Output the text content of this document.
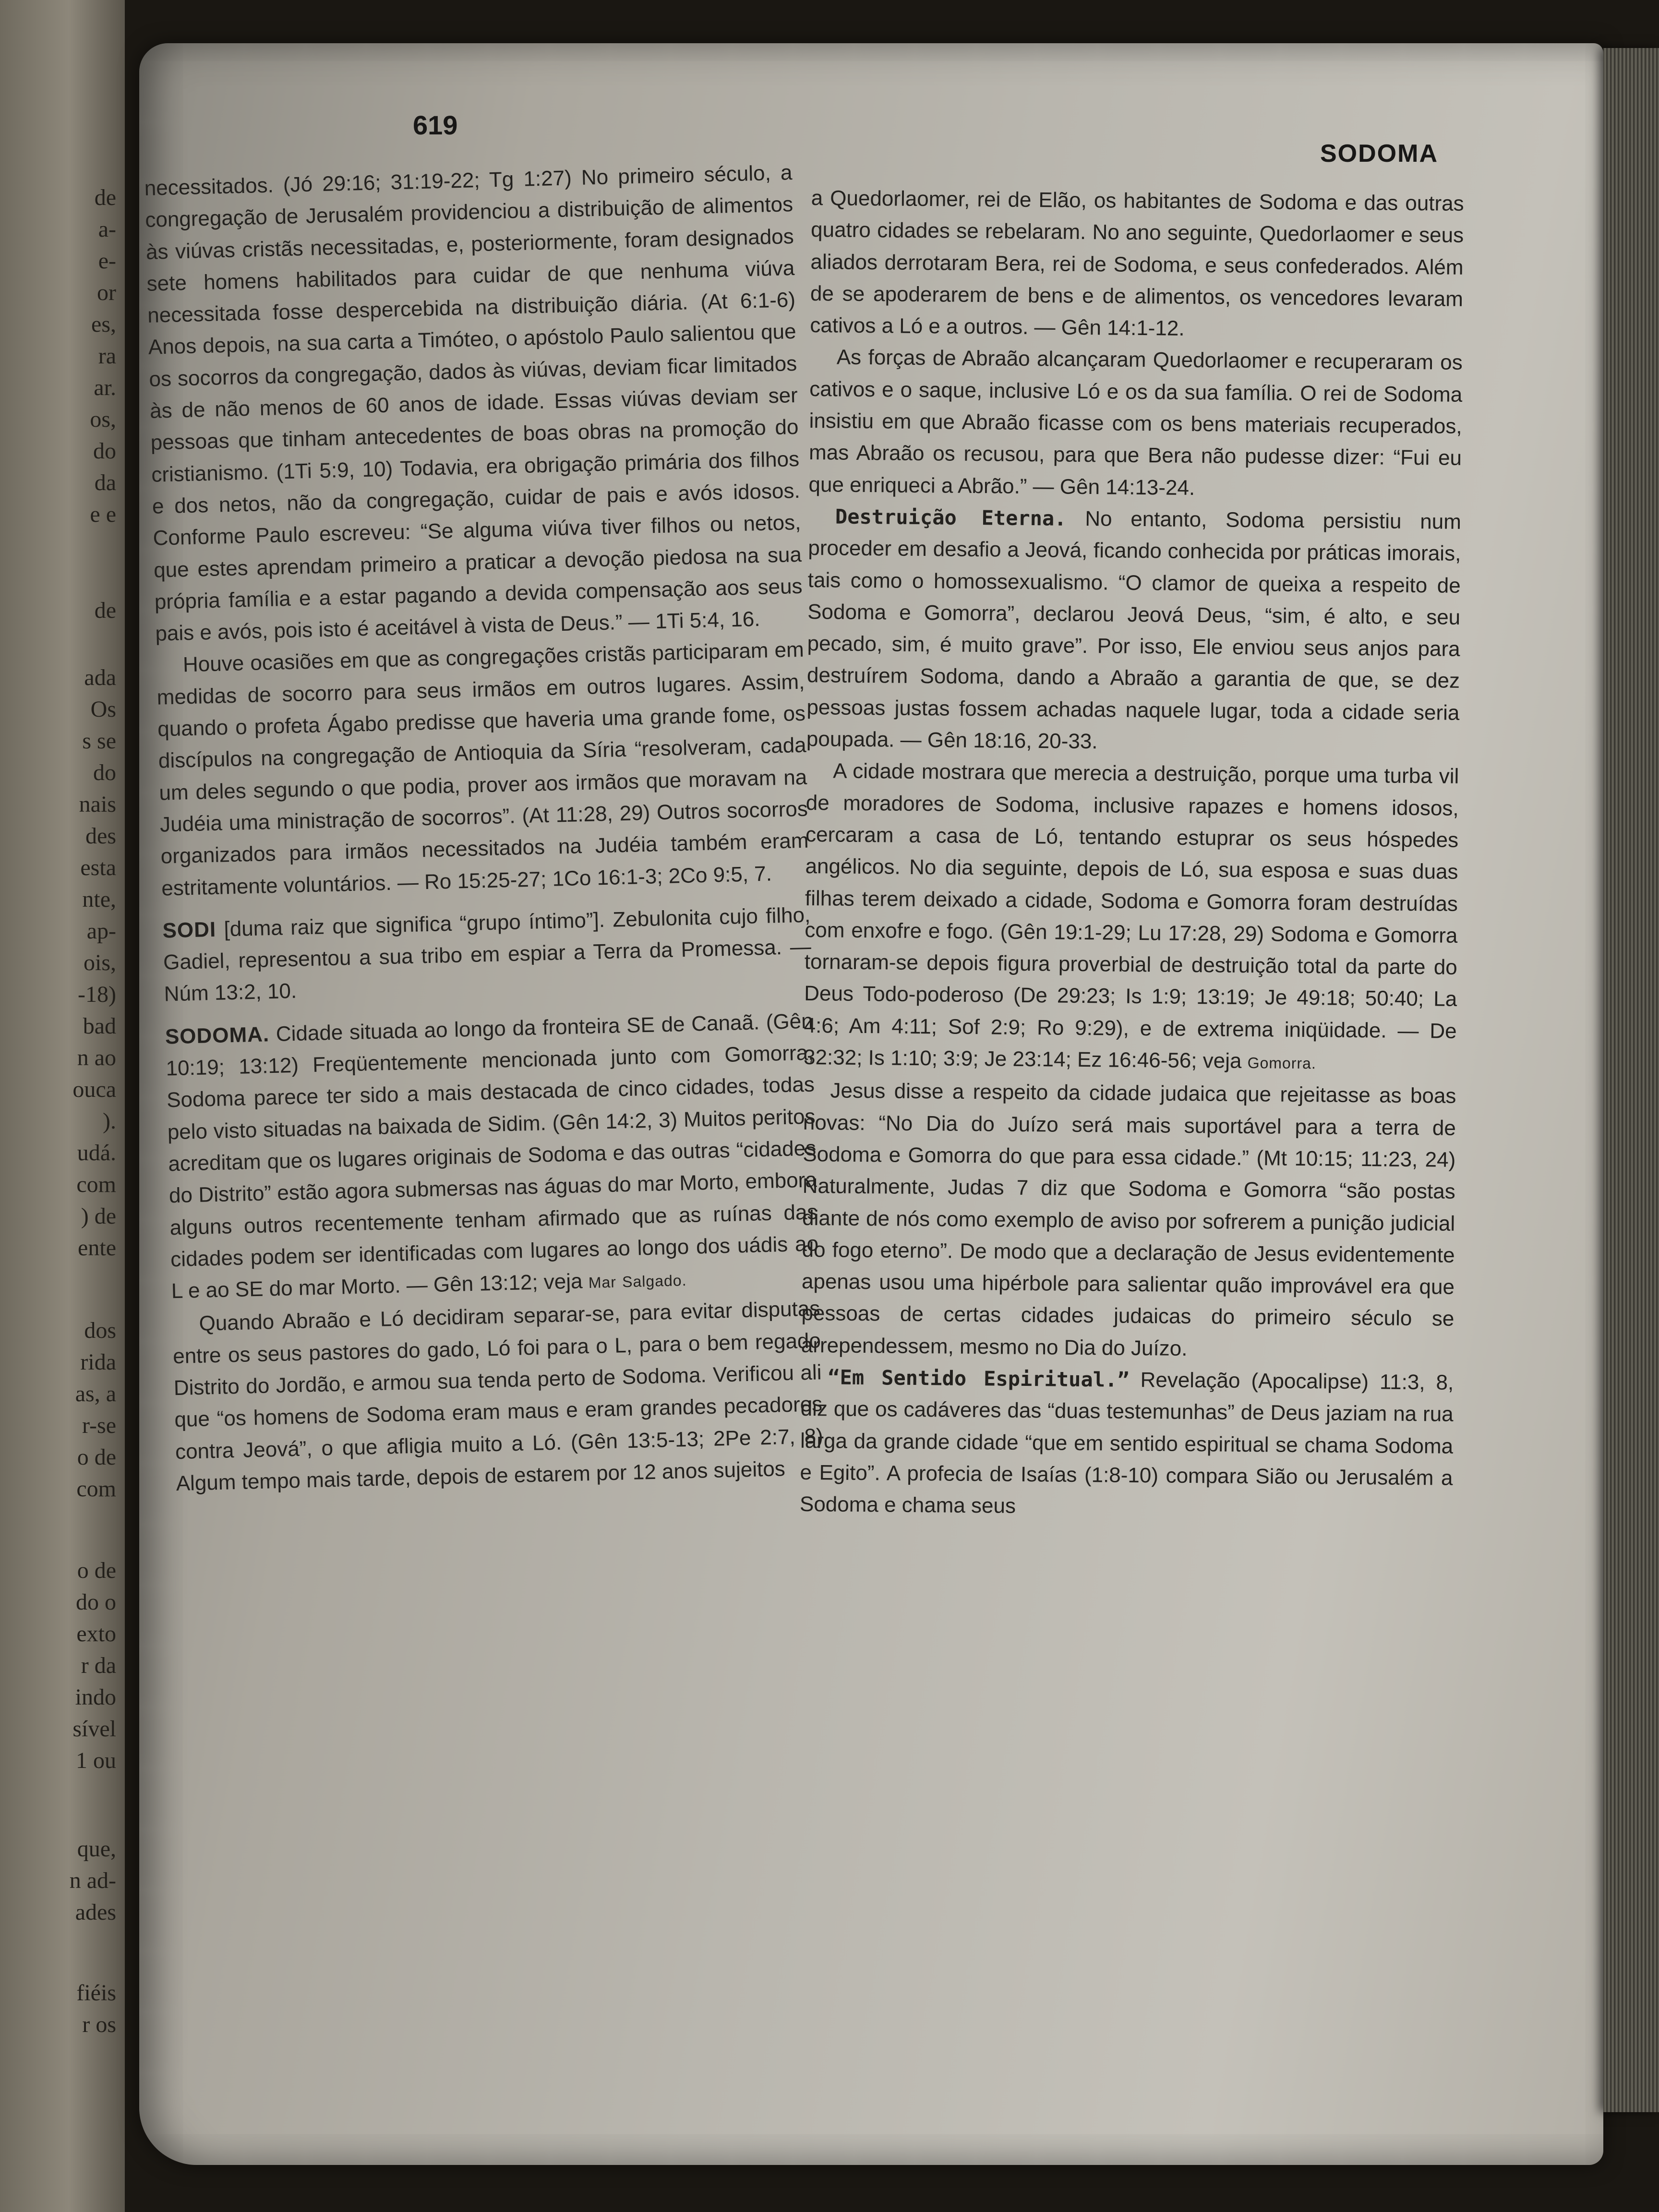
de

a-

e-

or

es,

ra

ar.

os,

do

da

e e

de

ada

Os

s se

do

nais

des

esta

nte,

ap-

ois,

-18)

bad

n ao

ouca

).

udá.

com

) de

ente

dos

rida

as, a

r-se

o de

com

o de

do o

exto

r da

indo

sível

1 ou

que,

n ad-

ades

fiéis

r os

619

SODOMA

necessitados. (Jó 29:16; 31:19-22; Tg 1:27) No primeiro século, a congregação de Jerusalém providenciou a distribuição de alimentos às viúvas cristãs necessitadas, e, posteriormente, foram designados sete homens habilitados para cuidar de que nenhuma viúva necessitada fosse despercebida na distribuição diária. (At 6:1-6) Anos depois, na sua carta a Timóteo, o apóstolo Paulo salientou que os socorros da congregação, dados às viúvas, deviam ficar limitados às de não menos de 60 anos de idade. Essas viúvas deviam ser pessoas que tinham antecedentes de boas obras na promoção do cristianismo. (1Ti 5:9, 10) Todavia, era obrigação primária dos filhos e dos netos, não da congregação, cuidar de pais e avós idosos. Conforme Paulo escreveu: “Se alguma viúva tiver filhos ou netos, que estes aprendam primeiro a praticar a devoção piedosa na sua própria família e a estar pagando a devida compensação aos seus pais e avós, pois isto é aceitável à vista de Deus.” — 1Ti 5:4, 16.

Houve ocasiões em que as congregações cristãs participaram em medidas de socorro para seus irmãos em outros lugares. Assim, quando o profeta Ágabo predisse que haveria uma grande fome, os discípulos na congregação de Antioquia da Síria “resolveram, cada um deles segundo o que podia, prover aos irmãos que moravam na Judéia uma ministração de socorros”. (At 11:28, 29) Outros socorros organizados para irmãos necessitados na Judéia também eram estritamente voluntários. — Ro 15:25-27; 1Co 16:1-3; 2Co 9:5, 7.

SODI [duma raiz que significa “grupo íntimo”]. Zebulonita cujo filho, Gadiel, representou a sua tribo em espiar a Terra da Promessa. — Núm 13:2, 10.

SODOMA. Cidade situada ao longo da fronteira SE de Canaã. (Gên 10:19; 13:12) Freqüentemente mencionada junto com Gomorra, Sodoma parece ter sido a mais destacada de cinco cidades, todas pelo visto situadas na baixada de Sidim. (Gên 14:2, 3) Muitos peritos acreditam que os lugares originais de Sodoma e das outras “cidades do Distrito” estão agora submersas nas águas do mar Morto, embora alguns outros recentemente tenham afirmado que as ruínas das cidades podem ser identificadas com lugares ao longo dos uádis ao L e ao SE do mar Morto. — Gên 13:12; veja Mar Salgado.

Quando Abraão e Ló decidiram separar-se, para evitar disputas entre os seus pastores do gado, Ló foi para o L, para o bem regado Distrito do Jordão, e armou sua tenda perto de Sodoma. Verificou ali que “os homens de Sodoma eram maus e eram grandes pecadores contra Jeová”, o que afligia muito a Ló. (Gên 13:5-13; 2Pe 2:7, 8) Algum tempo mais tarde, depois de estarem por 12 anos sujeitos

a Quedorlaomer, rei de Elão, os habitantes de Sodoma e das outras quatro cidades se rebelaram. No ano seguinte, Quedorlaomer e seus aliados derrotaram Bera, rei de Sodoma, e seus confederados. Além de se apoderarem de bens e de alimentos, os vencedores levaram cativos a Ló e a outros. — Gên 14:1-12.

As forças de Abraão alcançaram Quedorlaomer e recuperaram os cativos e o saque, inclusive Ló e os da sua família. O rei de Sodoma insistiu em que Abraão ficasse com os bens materiais recuperados, mas Abraão os recusou, para que Bera não pudesse dizer: “Fui eu que enriqueci a Abrão.” — Gên 14:13-24.

Destruição Eterna. No entanto, Sodoma persistiu num proceder em desafio a Jeová, ficando conhecida por práticas imorais, tais como o homossexualismo. “O clamor de queixa a respeito de Sodoma e Gomorra”, declarou Jeová Deus, “sim, é alto, e seu pecado, sim, é muito grave”. Por isso, Ele enviou seus anjos para destruírem Sodoma, dando a Abraão a garantia de que, se dez pessoas justas fossem achadas naquele lugar, toda a cidade seria poupada. — Gên 18:16, 20-33.

A cidade mostrara que merecia a destruição, porque uma turba vil de moradores de Sodoma, inclusive rapazes e homens idosos, cercaram a casa de Ló, tentando estuprar os seus hóspedes angélicos. No dia seguinte, depois de Ló, sua esposa e suas duas filhas terem deixado a cidade, Sodoma e Gomorra foram destruídas com enxofre e fogo. (Gên 19:1-29; Lu 17:28, 29) Sodoma e Gomorra tornaram-se depois figura proverbial de destruição total da parte do Deus Todo-poderoso (De 29:23; Is 1:9; 13:19; Je 49:18; 50:40; La 4:6; Am 4:11; Sof 2:9; Ro 9:29), e de extrema iniqüidade. — De 32:32; Is 1:10; 3:9; Je 23:14; Ez 16:46-56; veja Gomorra.

Jesus disse a respeito da cidade judaica que rejeitasse as boas novas: “No Dia do Juízo será mais suportável para a terra de Sodoma e Gomorra do que para essa cidade.” (Mt 10:15; 11:23, 24) Naturalmente, Judas 7 diz que Sodoma e Gomorra “são postas diante de nós como exemplo de aviso por sofrerem a punição judicial do fogo eterno”. De modo que a declaração de Jesus evidentemente apenas usou uma hipérbole para salientar quão improvável era que pessoas de certas cidades judaicas do primeiro século se arrependessem, mesmo no Dia do Juízo.

“Em Sentido Espiritual.” Revelação (Apocalipse) 11:3, 8, diz que os cadáveres das “duas testemunhas” de Deus jaziam na rua larga da grande cidade “que em sentido espiritual se chama Sodoma e Egito”. A profecia de Isaías (1:8-10) compara Sião ou Jerusalém a Sodoma e chama seus
